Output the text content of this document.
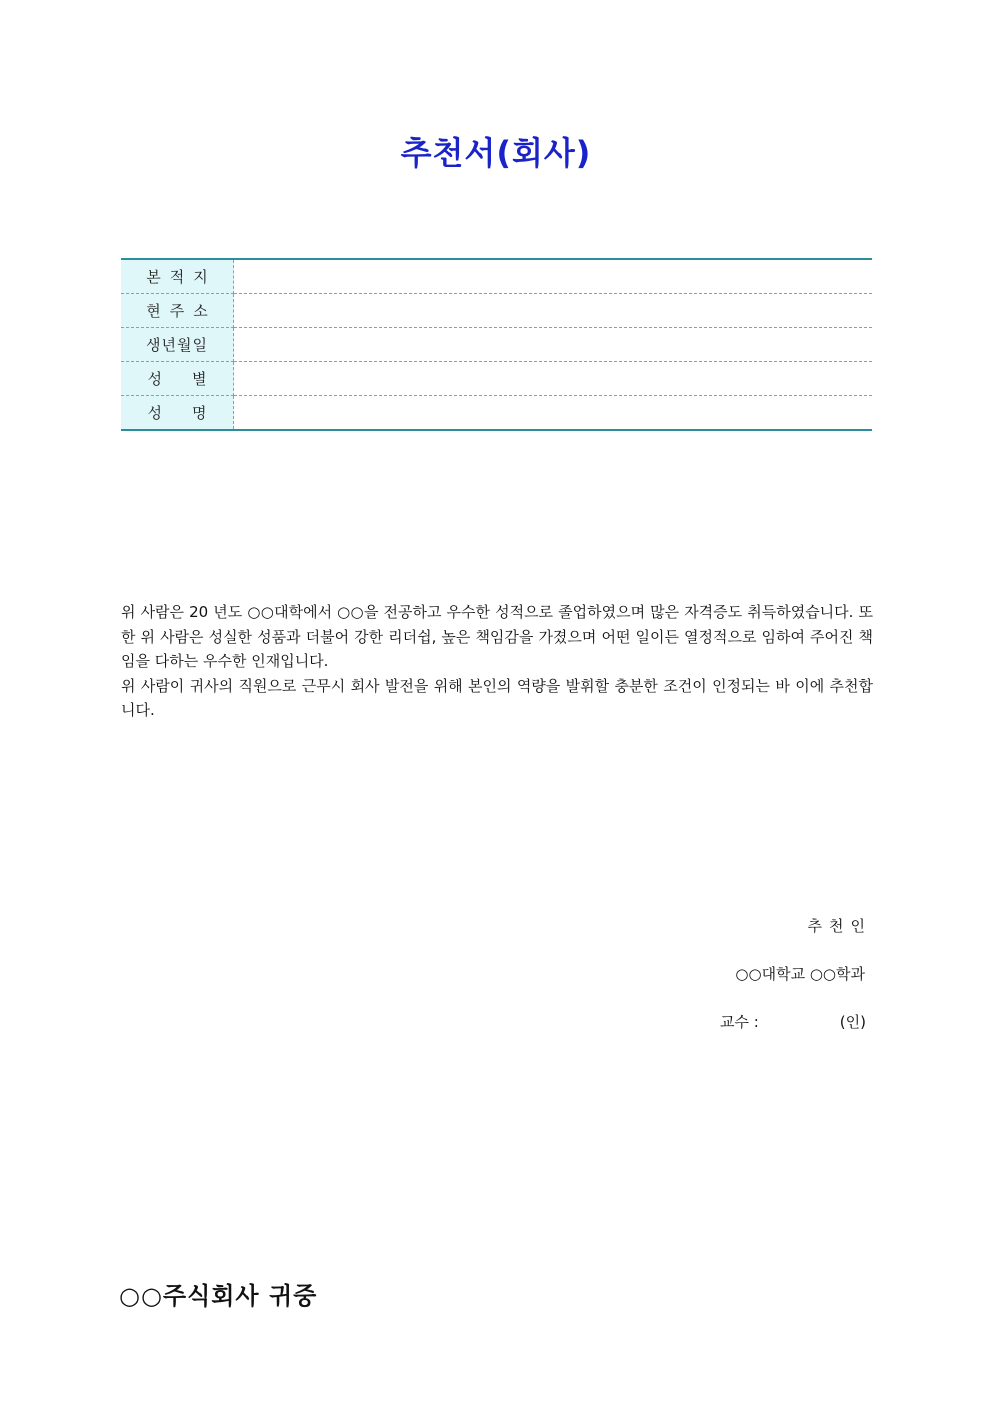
추천서(회사)
본적지	
현주소	
생년월일	
성별	
성명	

위 사람은 20 년도 ○○대학에서 ○○을 전공하고 우수한 성적으로 졸업하였으며 많은 자격증도 취득하였습니다. 또한 위 사람은 성실한 성품과 더불어 강한 리더쉽, 높은 책임감을 가졌으며 어떤 일이든 열정적으로 임하여 주어진 책임을 다하는 우수한 인재입니다.

위 사람이 귀사의 직원으로 근무시 회사 발전을 위해 본인의 역량을 발휘할 충분한 조건이 인정되는 바 이에 추천합니다.

추천인
○○대학교 ○○학과
교수 :	(인)
○○주식회사 귀중
